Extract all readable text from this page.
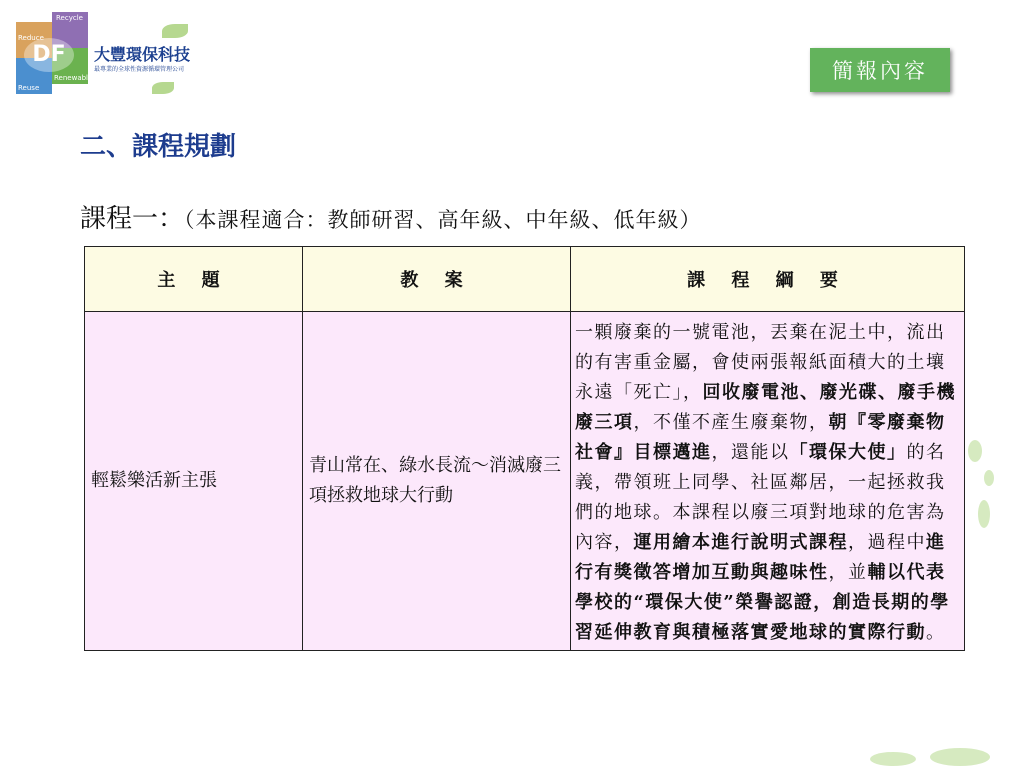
Reduce
Recycle
Reuse
Renewable
DF	大豐環保科技
最專業的全球性資源循環管理公司	簡報內容
二、課程規劃
課程一：（本課程適合：教師研習、高年級、中年級、低年級）
主 題	教 案	課 程 綱 要
輕鬆樂活新主張	青山常在、綠水長流～消滅廢三項拯救地球大行動	一顆廢棄的一號電池，丟棄在泥土中，流出的有害重金屬，會使兩張報紙面積大的土壤永遠「死亡」，回收廢電池、廢光碟、廢手機廢三項，不僅不產生廢棄物，朝『零廢棄物社會』目標邁進，還能以「環保大使」的名義，帶領班上同學、社區鄰居，一起拯救我們的地球。本課程以廢三項對地球的危害為內容，運用繪本進行說明式課程，過程中進行有獎徵答增加互動與趣味性，並輔以代表學校的“環保大使”榮譽認證，創造長期的學習延伸教育與積極落實愛地球的實際行動。
